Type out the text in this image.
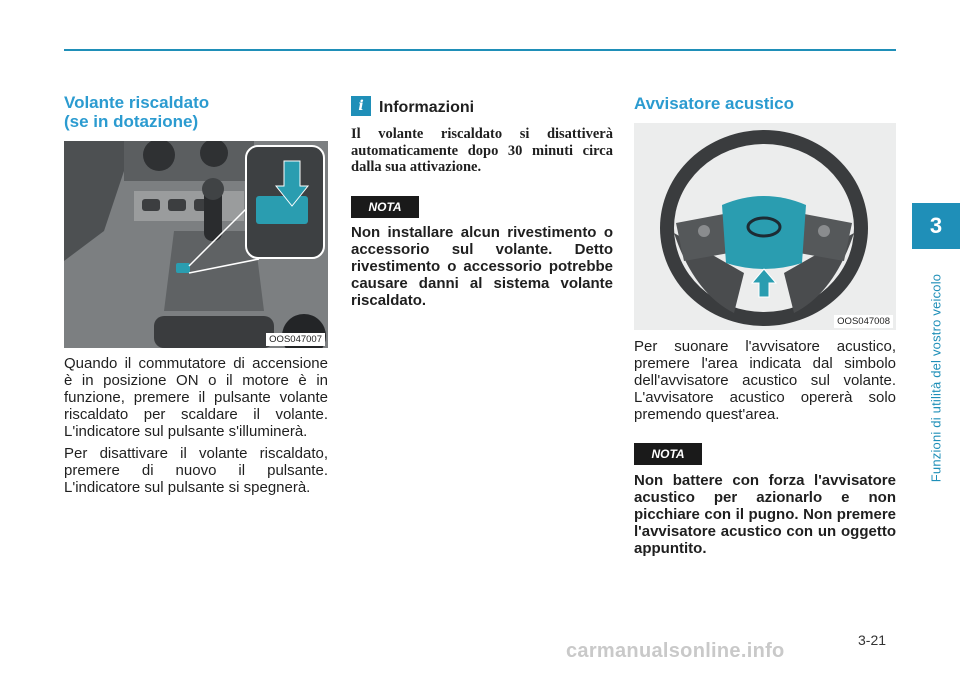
3
Funzioni di utilità del vostro veicolo
Volante riscaldato
(se in dotazione)
OOS047007

Quando il commutatore di accensione è in posizione ON o il motore è in funzione, premere il pulsante volante riscaldato per scaldare il volante. L'indicatore sul pulsante s'illuminerà.

Per disattivare il volante riscaldato, premere di nuovo il pulsante. L'indicatore sul pulsante si spegnerà.

i Informazioni
Il volante riscaldato si disattiverà automaticamente dopo 30 minuti circa dalla sua attivazione.
NOTA
Non installare alcun rivestimento o accessorio sul volante. Detto rivestimento o accessorio potrebbe causare danni al sistema volante riscaldato.
Avvisatore acustico
OOS047008

Per suonare l'avvisatore acustico, premere l'area indicata dal simbolo dell'avvisatore acustico sul volante. L'avvisatore acustico opererà solo premendo quest'area.

NOTA
Non battere con forza l'avvisatore acustico per azionarlo e non picchiare con il pugno. Non premere l'avvisatore acustico con un oggetto appuntito.
3-21
carmanualsonline.info
